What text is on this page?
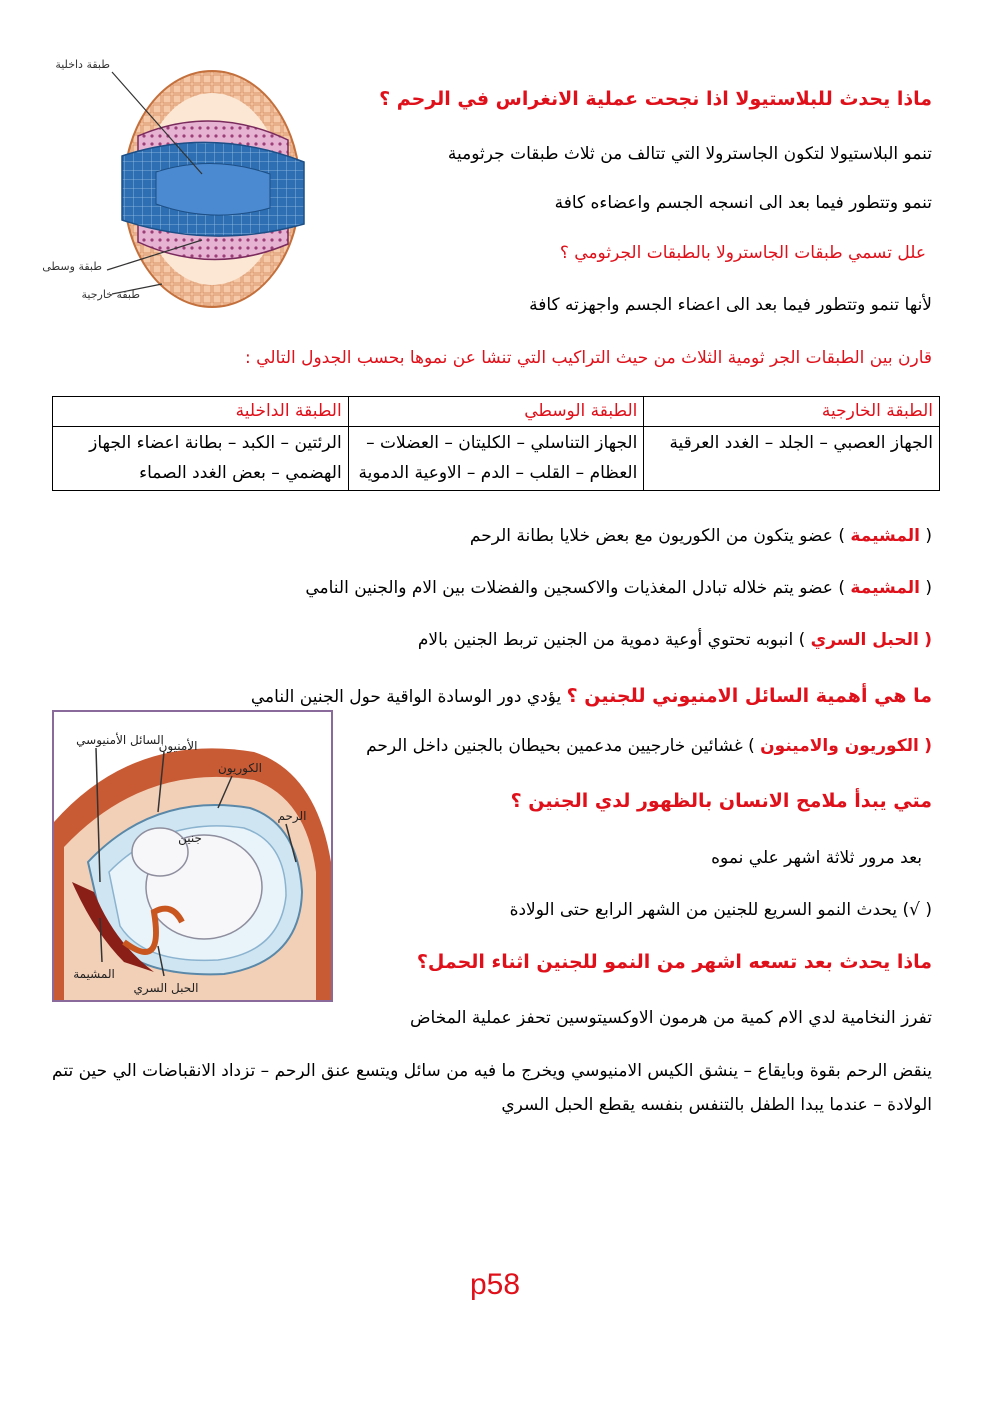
طبقة داخلية
طبقة وسطى
طبقة خارجية
ماذا يحدث للبلاستيولا اذا نجحت عملية الانغراس في الرحم ؟
تنمو البلاستيولا لتكون الجاسترولا التي تتالف من ثلاث طبقات جرثومية
تنمو وتتطور فيما بعد الى انسجه الجسم واعضاءه كافة
علل تسمي طبقات الجاسترولا بالطبقات الجرثومي ؟
لأنها تنمو وتتطور فيما بعد الى اعضاء الجسم واجهزته كافة
قارن بين الطبقات الجر ثومية الثلاث من حيث التراكيب التي تنشا عن نموها بحسب الجدول التالي :
الطبقة الخارجية	الطبقة الوسطي	الطبقة الداخلية
الجهاز العصبي – الجلد – الغدد العرقية	الجهاز التناسلي – الكليتان – العضلات – العظام – القلب – الدم – الاوعية الدموية	الرئتين – الكبد – بطانة اعضاء الجهاز الهضمي – بعض الغدد الصماء
( المشيمة ) عضو يتكون من الكوريون مع بعض خلايا بطانة الرحم
( المشيمة ) عضو يتم خلاله تبادل المغذيات والاكسجين والفضلات بين الام والجنين النامي
( الحبل السري ) انبوبه تحتوي أوعية دموية من الجنين تربط الجنين بالام
ما هي أهمية السائل الامنيوني للجنين ؟ يؤدي دور الوسادة الواقية حول الجنين النامي
( الكوريون والامينون ) غشائين خارجيين مدعمين بحيطان بالجنين داخل الرحم
السائل الأمنيوسي
الأمنيون
الكوريون
الرحم
جنين
المشيمة
الحبل السري
متي يبدأ ملامح الانسان بالظهور لدي الجنين ؟
بعد مرور ثلاثة اشهر علي نموه
( √) يحدث النمو السريع للجنين من الشهر الرابع حتى الولادة
ماذا يحدث بعد تسعه اشهر من النمو للجنين اثناء الحمل؟
تفرز النخامية لدي الام كمية من هرمون الاوكسيتوسين تحفز عملية المخاض
ينقض الرحم بقوة وبايقاع – ينشق الكيس الامنيوسي ويخرج ما فيه من سائل ويتسع عنق الرحم – تزداد الانقباضات الي حين تتم الولادة – عندما يبدا الطفل بالتنفس بنفسه يقطع الحبل السري
p58
